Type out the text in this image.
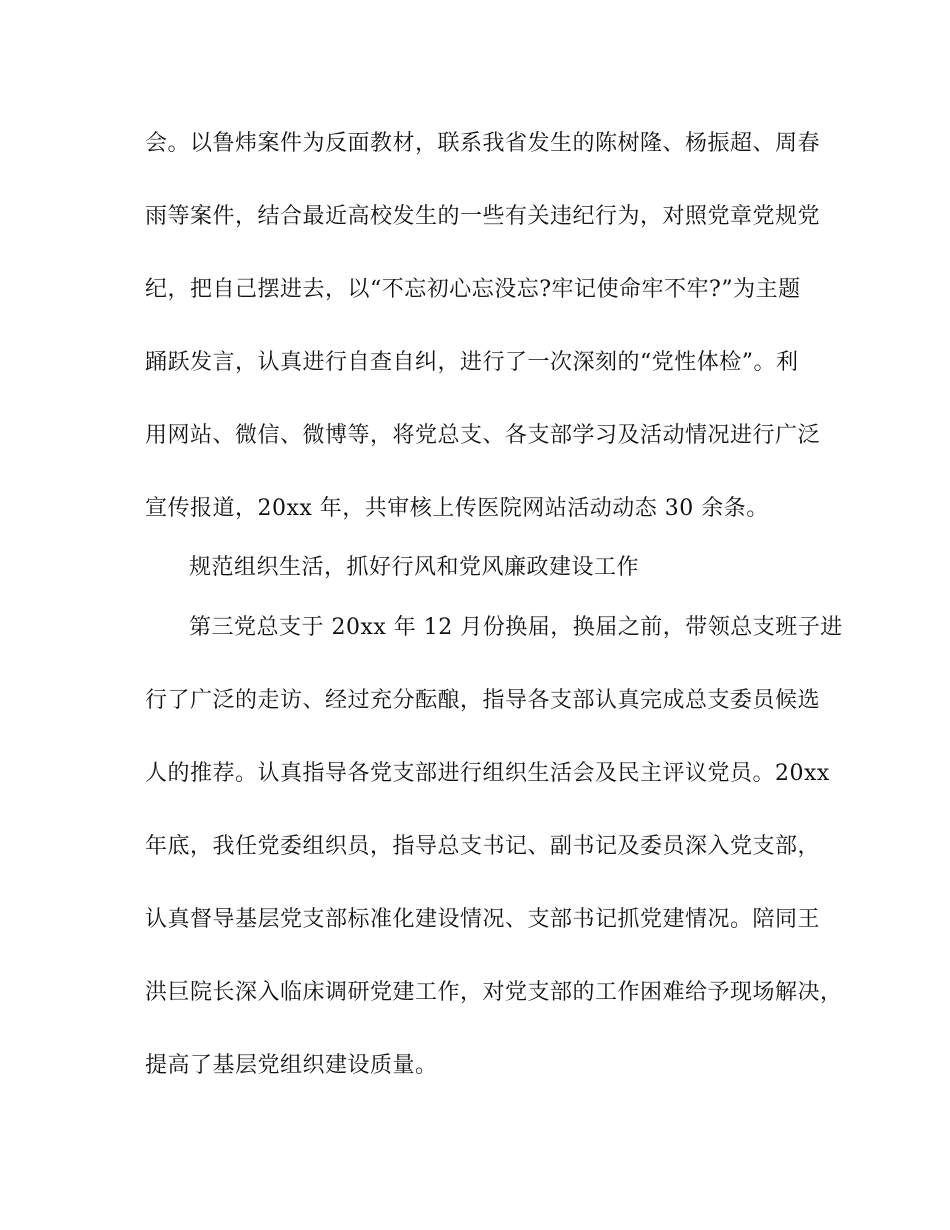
会。以鲁炜案件为反面教材，联系我省发生的陈树隆、杨振超、周春
雨等案件，结合最近高校发生的一些有关违纪行为，对照党章党规党
纪，把自己摆进去，以“不忘初心忘没忘?牢记使命牢不牢?”为主题
踊跃发言，认真进行自查自纠，进行了一次深刻的“党性体检”。利
用网站、微信、微博等，将党总支、各支部学习及活动情况进行广泛
宣传报道，20xx 年，共审核上传医院网站活动动态 30 余条。
规范组织生活，抓好行风和党风廉政建设工作
第三党总支于 20xx 年 12 月份换届，换届之前，带领总支班子进
行了广泛的走访、经过充分酝酿，指导各支部认真完成总支委员候选
人的推荐。认真指导各党支部进行组织生活会及民主评议党员。20xx
年底，我任党委组织员，指导总支书记、副书记及委员深入党支部，
认真督导基层党支部标准化建设情况、支部书记抓党建情况。陪同王
洪巨院长深入临床调研党建工作，对党支部的工作困难给予现场解决，
提高了基层党组织建设质量。
